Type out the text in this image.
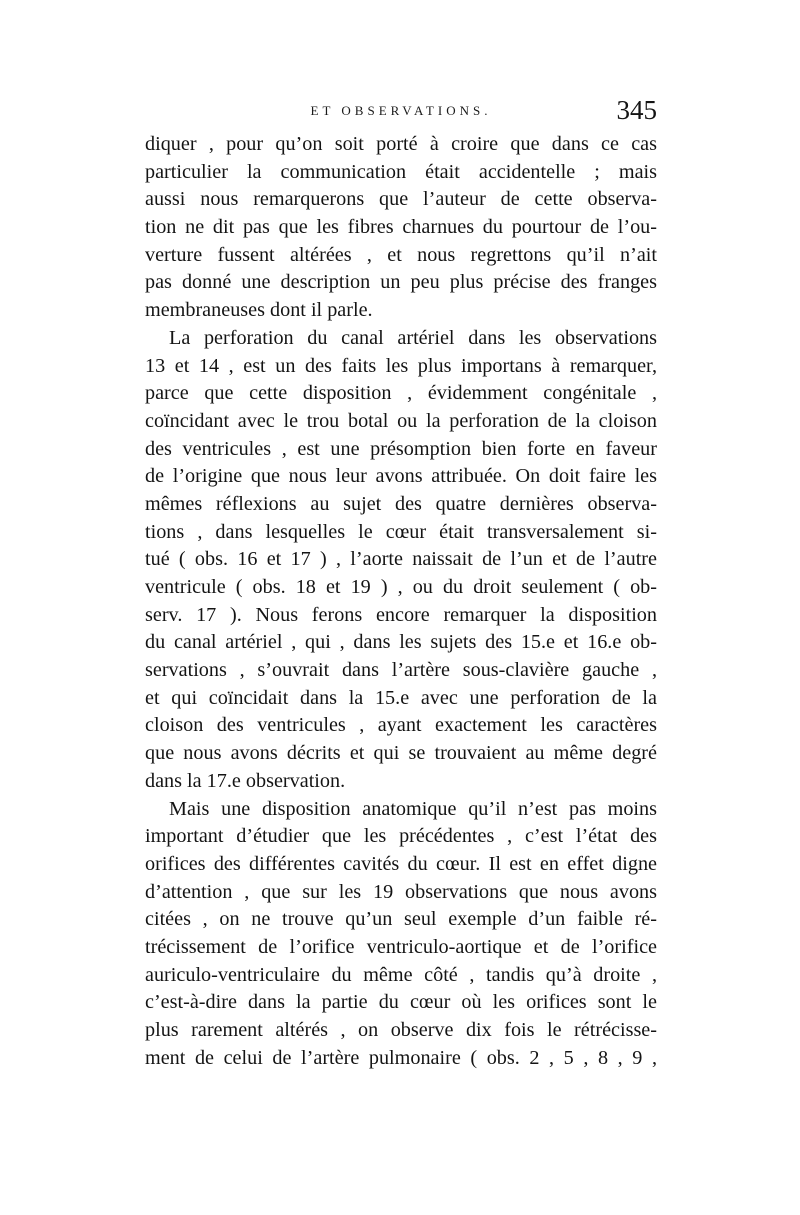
ET OBSERVATIONS.	345
diquer , pour qu’on soit porté à croire que dans ce cas
particulier la communication était accidentelle ; mais
aussi nous remarquerons que l’auteur de cette observa-
tion ne dit pas que les fibres charnues du pourtour de l’ou-
verture fussent altérées , et nous regrettons qu’il n’ait
pas donné une description un peu plus précise des franges
membraneuses dont il parle.
La perforation du canal artériel dans les observations
13 et 14 , est un des faits les plus importans à remarquer,
parce que cette disposition , évidemment congénitale ,
coïncidant avec le trou botal ou la perforation de la cloison
des ventricules , est une présomption bien forte en faveur
de l’origine que nous leur avons attribuée. On doit faire les
mêmes réflexions au sujet des quatre dernières observa-
tions , dans lesquelles le cœur était transversalement si-
tué ( obs. 16 et 17 ) , l’aorte naissait de l’un et de l’autre
ventricule ( obs. 18 et 19 ) , ou du droit seulement ( ob-
serv. 17 ). Nous ferons encore remarquer la disposition
du canal artériel , qui , dans les sujets des 15.e et 16.e ob-
servations , s’ouvrait dans l’artère sous-clavière gauche ,
et qui coïncidait dans la 15.e avec une perforation de la
cloison des ventricules , ayant exactement les caractères
que nous avons décrits et qui se trouvaient au même degré
dans la 17.e observation.
Mais une disposition anatomique qu’il n’est pas moins
important d’étudier que les précédentes , c’est l’état des
orifices des différentes cavités du cœur. Il est en effet digne
d’attention , que sur les 19 observations que nous avons
citées , on ne trouve qu’un seul exemple d’un faible ré-
trécissement de l’orifice ventriculo-aortique et de l’orifice
auriculo-ventriculaire du même côté , tandis qu’à droite ,
c’est-à-dire dans la partie du cœur où les orifices sont le
plus rarement altérés , on observe dix fois le rétrécisse-
ment de celui de l’artère pulmonaire ( obs. 2 , 5 , 8 , 9 ,
